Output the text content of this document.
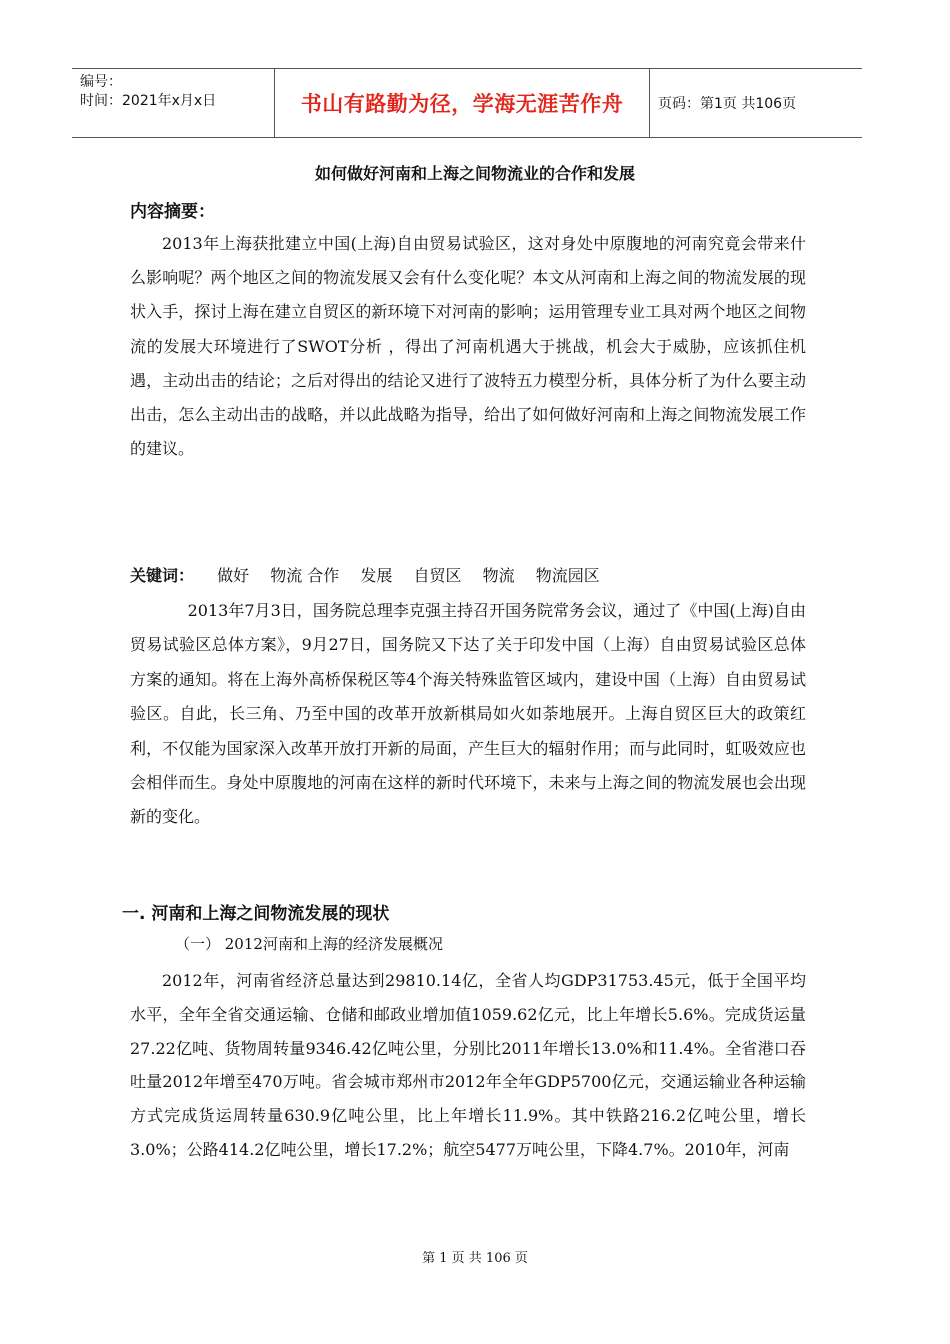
编号：
时间：2021年x月x日	书山有路勤为径，学海无涯苦作舟 页码：第1页 共106页
如何做好河南和上海之间物流业的合作和发展
内容摘要：

2013年上海获批建立中国(上海)自由贸易试验区，这对身处中原腹地的河南究竟会带来什么影响呢？两个地区之间的物流发展又会有什么变化呢？本文从河南和上海之间的物流发展的现状入手，探讨上海在建立自贸区的新环境下对河南的影响；运用管理专业工具对两个地区之间物流的发展大环境进行了SWOT分析 ，得出了河南机遇大于挑战，机会大于威胁，应该抓住机遇，主动出击的结论；之后对得出的结论又进行了波特五力模型分析，具体分析了为什么要主动出击，怎么主动出击的战略，并以此战略为指导，给出了如何做好河南和上海之间物流发展工作的建议。

关键词： 做好 物流 合作 发展 自贸区 物流 物流园区

2013年7月3日，国务院总理李克强主持召开国务院常务会议，通过了《中国(上海)自由贸易试验区总体方案》，9月27日，国务院又下达了关于印发中国（上海）自由贸易试验区总体方案的通知。将在上海外高桥保税区等4个海关特殊监管区域内，建设中国（上海）自由贸易试验区。自此，长三角、乃至中国的改革开放新棋局如火如荼地展开。上海自贸区巨大的政策红利，不仅能为国家深入改革开放打开新的局面，产生巨大的辐射作用；而与此同时，虹吸效应也会相伴而生。身处中原腹地的河南在这样的新时代环境下，未来与上海之间的物流发展也会出现新的变化。

一. 河南和上海之间物流发展的现状
（一） 2012河南和上海的经济发展概况

2012年，河南省经济总量达到29810.14亿，全省人均GDP31753.45元，低于全国平均水平，全年全省交通运输、仓储和邮政业增加值1059.62亿元，比上年增长5.6%。完成货运量27.22亿吨、货物周转量9346.42亿吨公里，分别比2011年增长13.0%和11.4%。全省港口吞吐量2012年增至470万吨。省会城市郑州市2012年全年GDP5700亿元，交通运输业各种运输方式完成货运周转量630.9亿吨公里，比上年增长11.9%。其中铁路216.2亿吨公里，增长3.0%；公路414.2亿吨公里，增长17.2%；航空5477万吨公里，下降4.7%。2010年，河南

第 1 页 共 106 页
